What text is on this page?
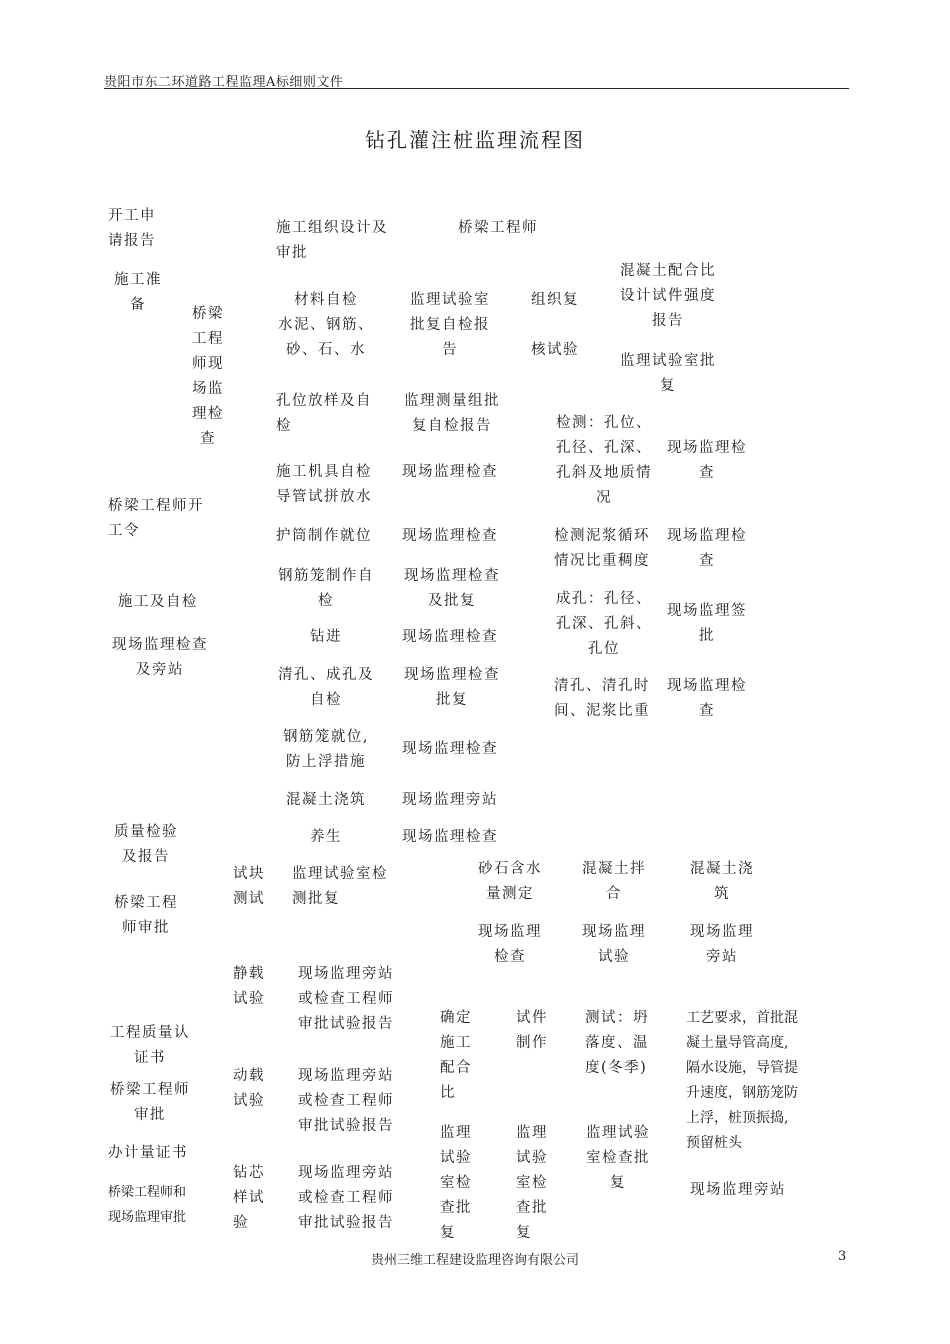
贵阳市东二环道路工程监理A标细则文件
钻孔灌注桩监理流程图
开工申
请报告
施工准
备
桥梁
工程
师现
场监
理检
查
桥梁工程师开
工令
施工及自检
现场监理检查
及旁站
质量检验
及报告
桥梁工程
师审批
工程质量认
证书
桥梁工程师
审批
办计量证书
桥梁工程师和
现场监理审批
施工组织设计及
审批
桥梁工程师
材料自检
水泥、钢筋、
砂、石、水
监理试验室
批复自检报
告
组织复
核试验
混凝土配合比
设计试件强度
报告
监理试验室批
复
孔位放样及自
检
监理测量组批
复自检报告	检测：孔位、
孔径、孔深、
孔斜及地质情
况
现场监理检
查
施工机具自检
导管试拼放水
现场监理检查
护筒制作就位 现场监理检查	检测泥浆循环
情况比重稠度
现场监理检
查
钢筋笼制作自
检
现场监理检查
及批复	成孔：孔径、
孔深、孔斜、
孔位
现场监理签
批
钻进	现场监理检查
清孔、成孔及
自检
现场监理检查
批复
清孔、清孔时
间、泥浆比重
现场监理检
查
钢筋笼就位,
防上浮措施
现场监理检查
混凝土浇筑	现场监理旁站
养生	现场监理检查
试块
测试
监理试验室检
测批复
砂石含水
量测定
混凝土拌
合
混凝土浇
筑
现场监理
检查
现场监理
试验
现场监理
旁站
静载
试验
现场监理旁站
或检查工程师
审批试验报告	确定
施工
配合
比
试件
制作
测试：坍
落度、温
度(冬季)
工艺要求，首批混
凝土量导管高度,
隔水设施，导管提
升速度，钢筋笼防
上浮，桩顶振捣,
预留桩头
动载
试验
现场监理旁站
或检查工程师
审批试验报告	监理
试验
室检
查批
复
监理
试验
室检
查批
复
监理试验
室检查批
复
钻芯
样试
验
现场监理旁站
或检查工程师
审批试验报告
现场监理旁站
贵州三维工程建设监理咨询有限公司	3
